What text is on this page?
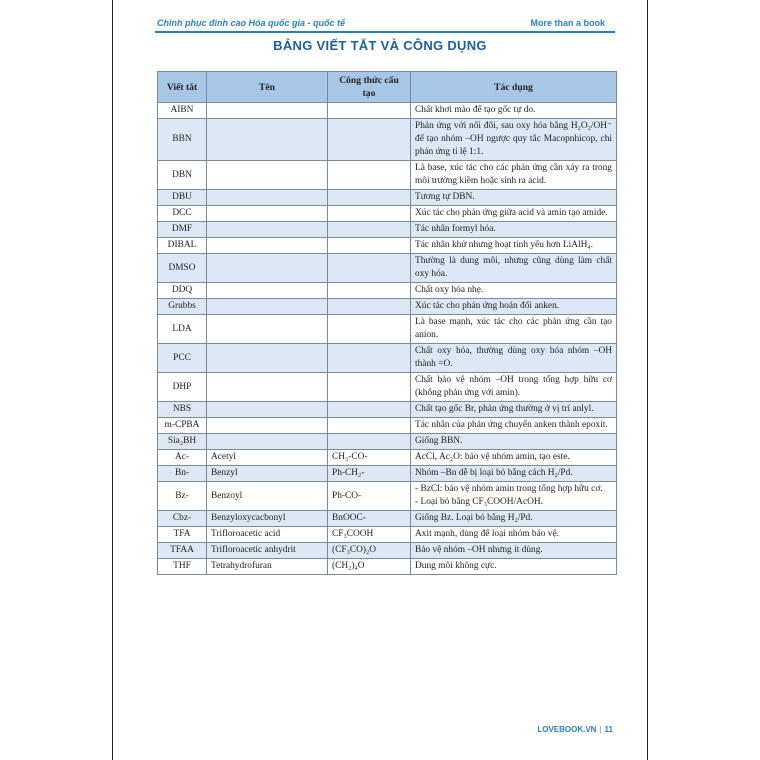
Chinh phục đỉnh cao Hóa quốc gia - quốc tế	More than a book
BẢNG VIẾT TẮT VÀ CÔNG DỤNG
Viết tắt	Tên	Công thức cấu tạo	Tác dụng
AIBN			Chất khơi mào để tạo gốc tự do.
BBN			Phản ứng với nối đôi, sau oxy hóa bằng H₂O₂/OH⁻ để tạo nhóm –OH ngược quy tắc Macopnhicop, chỉ phản ứng tỉ lệ 1:1.
DBN			Là base, xúc tác cho các phản ứng cần xảy ra trong môi trường kiềm hoặc sinh ra acid.
DBU			Tương tự DBN.
DCC			Xúc tác cho phản ứng giữa acid và amin tạo amide.
DMF			Tác nhân formyl hóa.
DIBAL			Tác nhân khử nhưng hoạt tính yếu hơn LiAlH₄.
DMSO			Thường là dung môi, nhưng cũng dùng làm chất oxy hóa.
DDQ			Chất oxy hóa nhẹ.
Grubbs			Xúc tác cho phản ứng hoán đổi anken.
LDA			Là base mạnh, xúc tác cho các phản ứng cần tạo anion.
PCC			Chất oxy hóa, thường dùng oxy hóa nhóm –OH thành =O.
DHP			Chất bảo vệ nhóm –OH trong tổng hợp hữu cơ (không phản ứng với amin).
NBS			Chất tạo gốc Br, phản ứng thường ở vị trí anlyl.
m-CPBA			Tác nhân của phản ứng chuyển anken thành epoxit.
Sia₂BH			Giống BBN.
Ac-	Acetyl	CH₃-CO-	AcCl, Ac₂O: bảo vệ nhóm amin, tạo este.
Bn-	Benzyl	Ph-CH₂-	Nhóm –Bn dễ bị loại bỏ bằng cách H₂/Pd.
Bz-	Benzoyl	Ph-CO-	- BzCl: bảo vệ nhóm amin trong tổng hợp hữu cơ.
- Loại bỏ bằng CF₃COOH/AcOH.
Cbz-	Benzyloxycacbonyl	BnOOC-	Giống Bz. Loại bỏ bằng H₂/Pd.
TFA	Trifloroacetic acid	CF₃COOH	Axit mạnh, dùng để loại nhóm bảo vệ.
TFAA	Trifloroacetic anhydrit	(CF₃CO)₂O	Bảo vệ nhóm –OH nhưng ít dùng.
THF	Tetrahydrofuran	(CH₂)₄O	Dung môi không cực.
LOVEBOOK.VN | 11
